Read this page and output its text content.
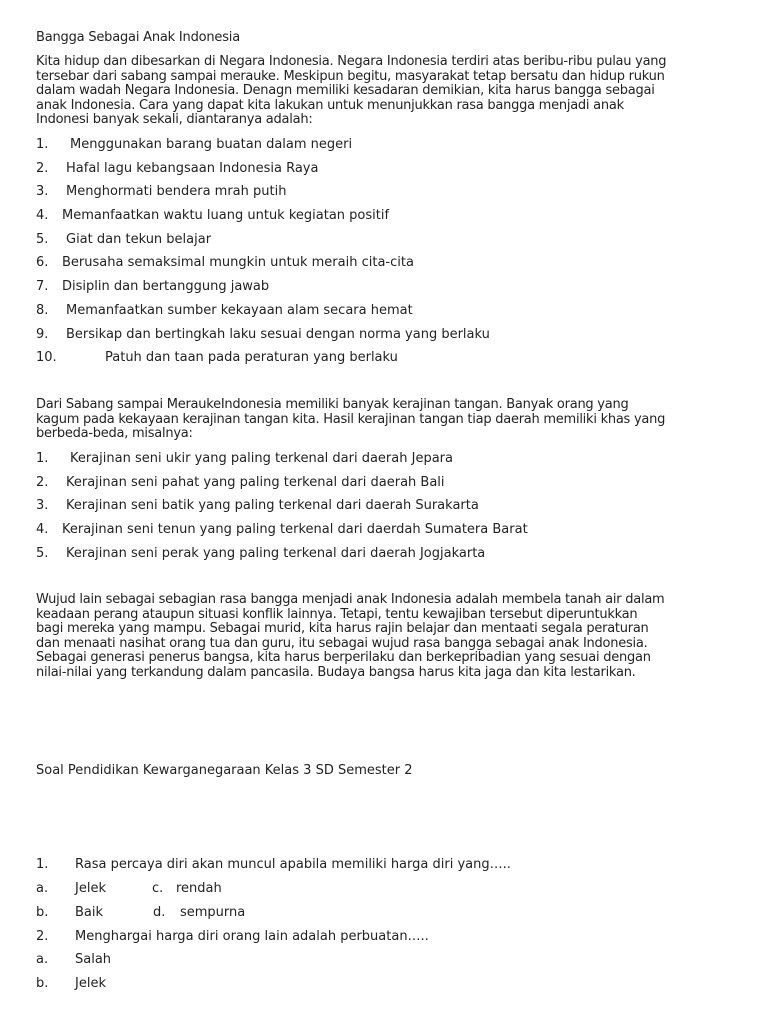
Bangga Sebagai Anak Indonesia
Kita hidup dan dibesarkan di Negara Indonesia. Negara Indonesia terdiri atas beribu-ribu pulau yang
tersebar dari sabang sampai merauke. Meskipun begitu, masyarakat tetap bersatu dan hidup rukun
dalam wadah Negara Indonesia. Denagn memiliki kesadaran demikian, kita harus bangga sebagai
anak Indonesia. Cara yang dapat kita lakukan untuk menunjukkan rasa bangga menjadi anak
Indonesi banyak sekali, diantaranya adalah:
1. Menggunakan barang buatan dalam negeri
2. Hafal lagu kebangsaan Indonesia Raya
3. Menghormati bendera mrah putih
4. Memanfaatkan waktu luang untuk kegiatan positif
5. Giat dan tekun belajar
6. Berusaha semaksimal mungkin untuk meraih cita-cita
7. Disiplin dan bertanggung jawab
8. Memanfaatkan sumber kekayaan alam secara hemat
9. Bersikap dan bertingkah laku sesuai dengan norma yang berlaku
10.	Patuh dan taan pada peraturan yang berlaku
Dari Sabang sampai MeraukeIndonesia memiliki banyak kerajinan tangan. Banyak orang yang
kagum pada kekayaan kerajinan tangan kita. Hasil kerajinan tangan tiap daerah memiliki khas yang
berbeda-beda, misalnya:
1. Kerajinan seni ukir yang paling terkenal dari daerah Jepara
2. Kerajinan seni pahat yang paling terkenal dari daerah Bali
3. Kerajinan seni batik yang paling terkenal dari daerah Surakarta
4. Kerajinan seni tenun yang paling terkenal dari daerdah Sumatera Barat
5. Kerajinan seni perak yang paling terkenal dari daerah Jogjakarta
Wujud lain sebagai sebagian rasa bangga menjadi anak Indonesia adalah membela tanah air dalam
keadaan perang ataupun situasi konflik lainnya. Tetapi, tentu kewajiban tersebut diperuntukkan
bagi mereka yang mampu. Sebagai murid, kita harus rajin belajar dan mentaati segala peraturan
dan menaati nasihat orang tua dan guru, itu sebagai wujud rasa bangga sebagai anak Indonesia.
Sebagai generasi penerus bangsa, kita harus berperilaku dan berkepribadian yang sesuai dengan
nilai-nilai yang terkandung dalam pancasila. Budaya bangsa harus kita jaga dan kita lestarikan.
Soal Pendidikan Kewarganegaraan Kelas 3 SD Semester 2
1. Rasa percaya diri akan muncul apabila memiliki harga diri yang…..
a. Jelek	c. rendah
b. Baik	d. sempurna
2. Menghargai harga diri orang lain adalah perbuatan…..
a. Salah
b. Jelek
